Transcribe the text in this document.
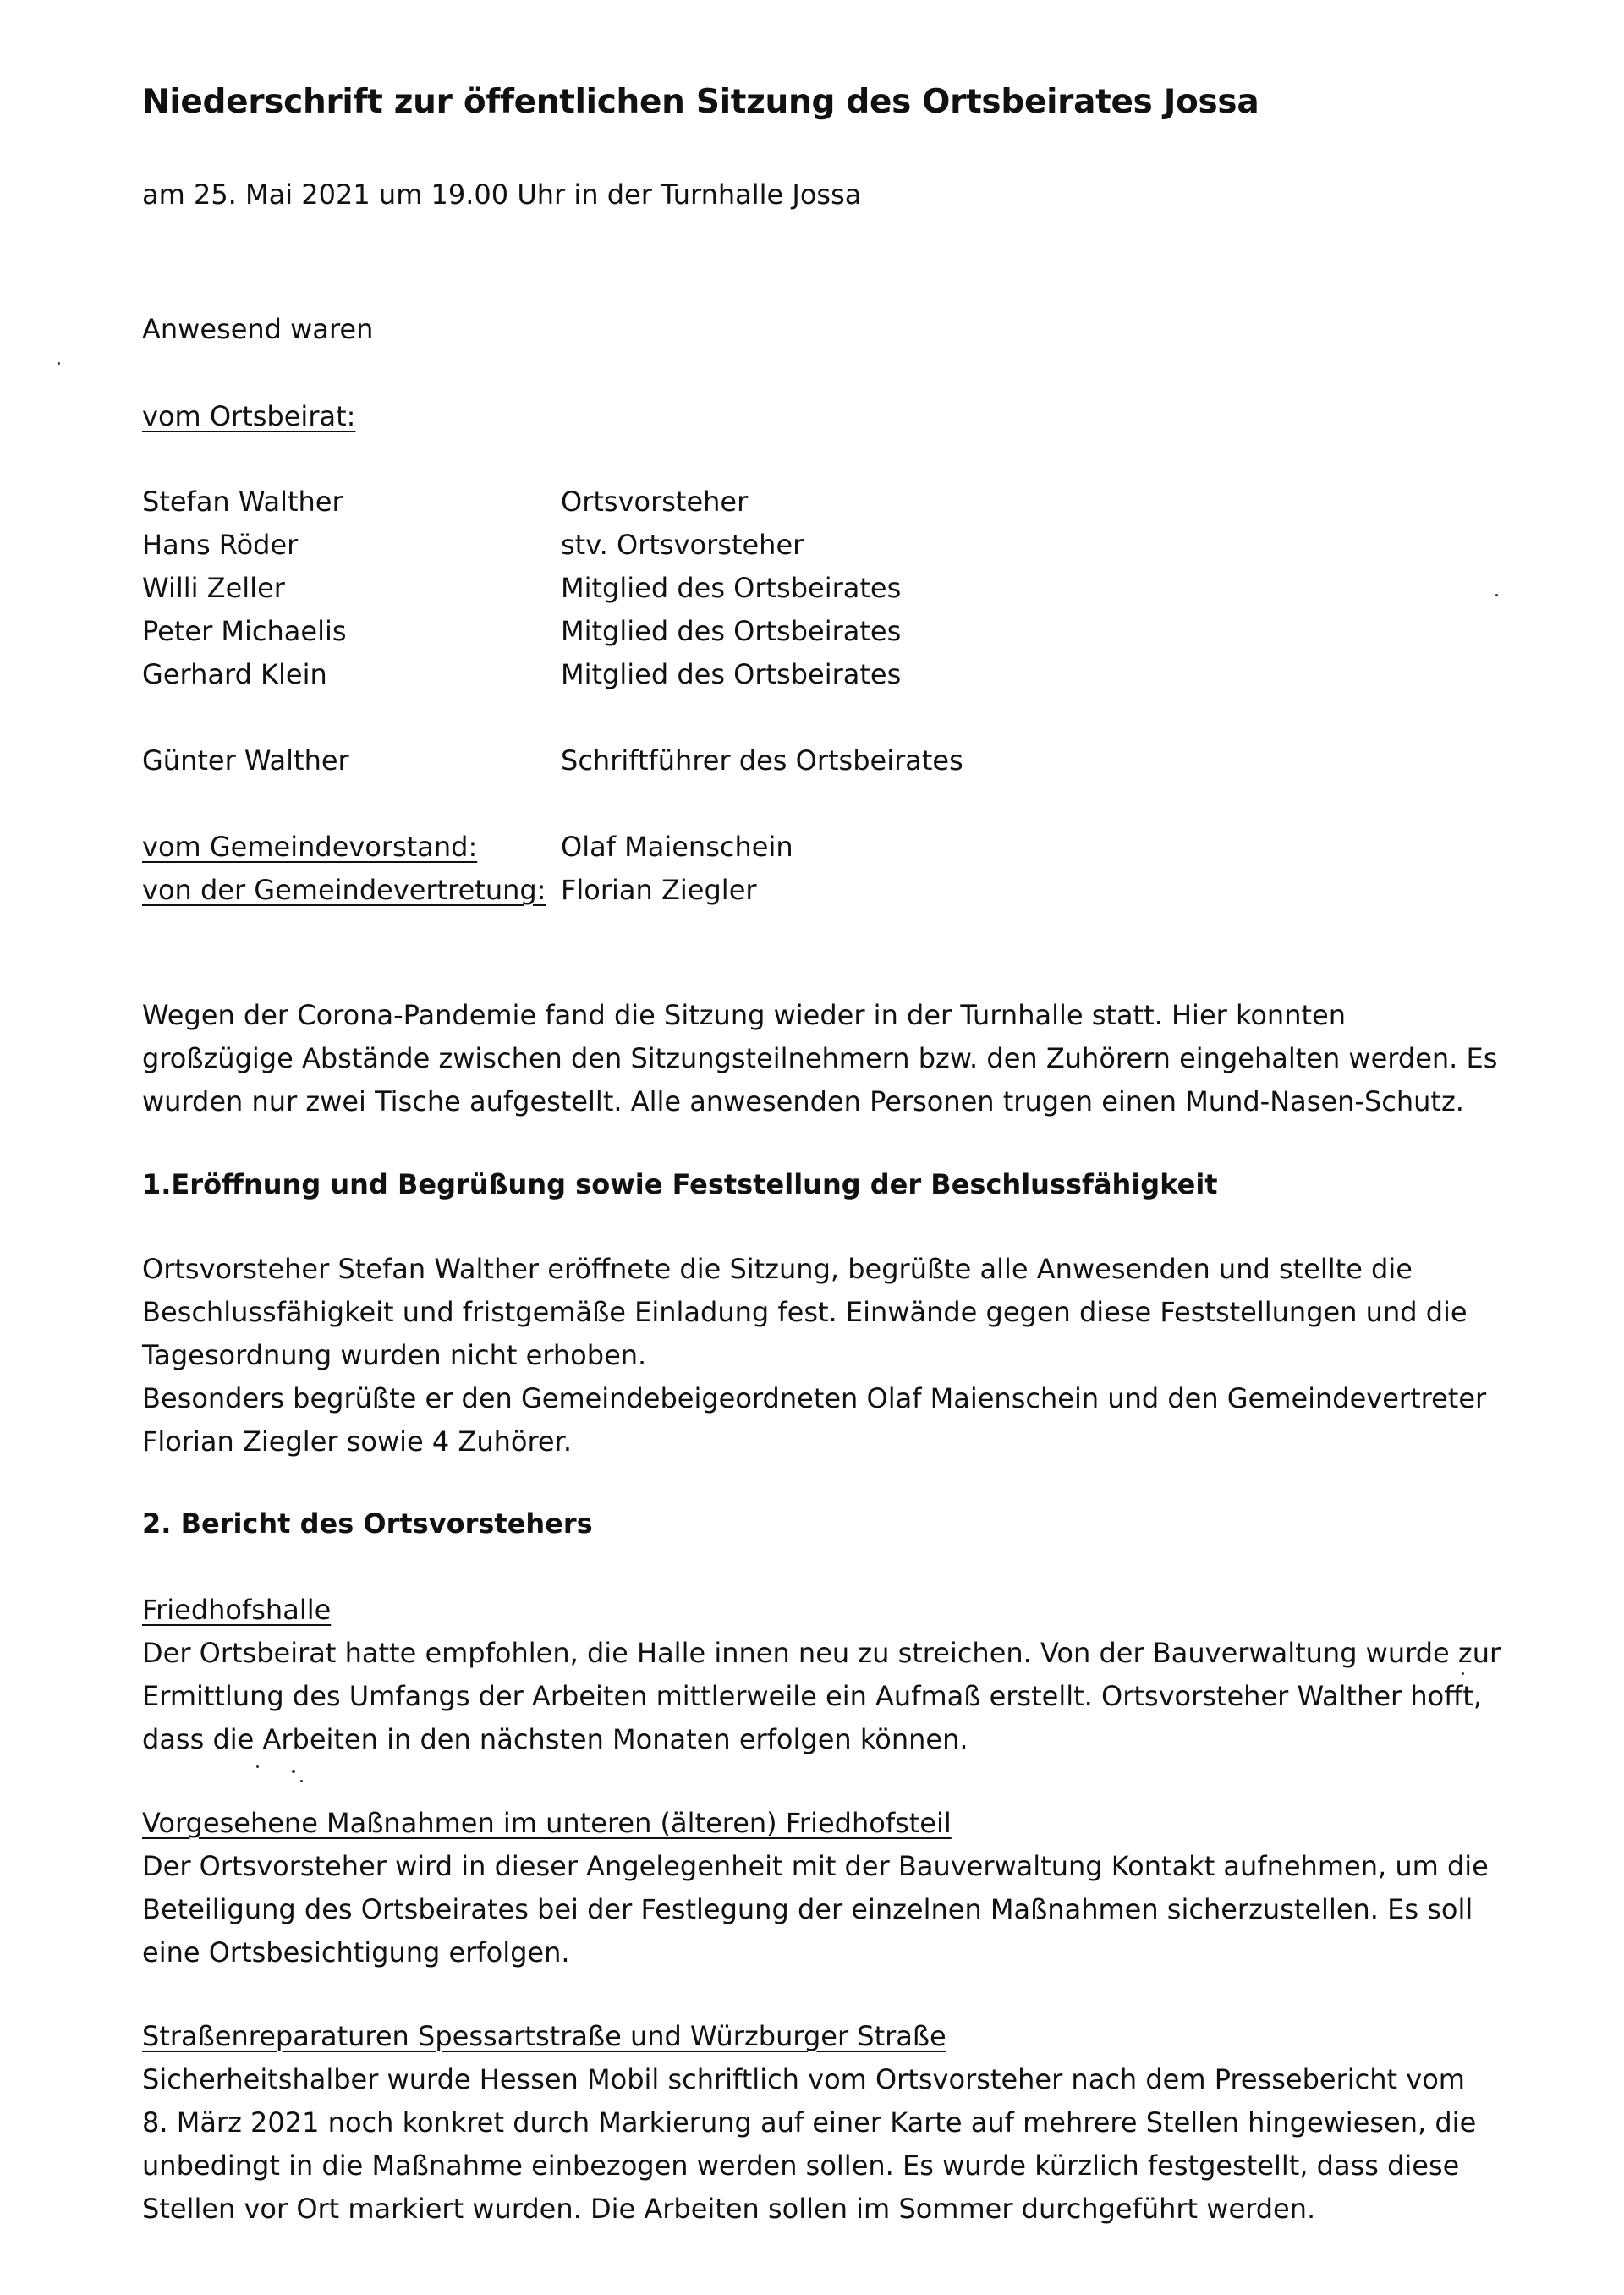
Niederschrift zur öffentlichen Sitzung des Ortsbeirates Jossa
am 25. Mai 2021 um 19.00 Uhr in der Turnhalle Jossa
Anwesend waren
vom Ortsbeirat:
Stefan Walther	Ortsvorsteher
Hans Röder	stv. Ortsvorsteher
Willi Zeller	Mitglied des Ortsbeirates
Peter Michaelis	Mitglied des Ortsbeirates
Gerhard Klein	Mitglied des Ortsbeirates
Günter Walther	Schriftführer des Ortsbeirates
vom Gemeindevorstand:	Olaf Maienschein
von der Gemeindevertretung: Florian Ziegler
Wegen der Corona-Pandemie fand die Sitzung wieder in der Turnhalle statt. Hier konnten
großzügige Abstände zwischen den Sitzungsteilnehmern bzw. den Zuhörern eingehalten werden. Es
wurden nur zwei Tische aufgestellt. Alle anwesenden Personen trugen einen Mund-Nasen-Schutz.
1.Eröffnung und Begrüßung sowie Feststellung der Beschlussfähigkeit
Ortsvorsteher Stefan Walther eröffnete die Sitzung, begrüßte alle Anwesenden und stellte die
Beschlussfähigkeit und fristgemäße Einladung fest. Einwände gegen diese Feststellungen und die
Tagesordnung wurden nicht erhoben.
Besonders begrüßte er den Gemeindebeigeordneten Olaf Maienschein und den Gemeindevertreter
Florian Ziegler sowie 4 Zuhörer.
2. Bericht des Ortsvorstehers
Friedhofshalle
Der Ortsbeirat hatte empfohlen, die Halle innen neu zu streichen. Von der Bauverwaltung wurde zur
Ermittlung des Umfangs der Arbeiten mittlerweile ein Aufmaß erstellt. Ortsvorsteher Walther hofft,
dass die Arbeiten in den nächsten Monaten erfolgen können.
Vorgesehene Maßnahmen im unteren (älteren) Friedhofsteil
Der Ortsvorsteher wird in dieser Angelegenheit mit der Bauverwaltung Kontakt aufnehmen, um die
Beteiligung des Ortsbeirates bei der Festlegung der einzelnen Maßnahmen sicherzustellen. Es soll
eine Ortsbesichtigung erfolgen.
Straßenreparaturen Spessartstraße und Würzburger Straße
Sicherheitshalber wurde Hessen Mobil schriftlich vom Ortsvorsteher nach dem Pressebericht vom
8. März 2021 noch konkret durch Markierung auf einer Karte auf mehrere Stellen hingewiesen, die
unbedingt in die Maßnahme einbezogen werden sollen. Es wurde kürzlich festgestellt, dass diese
Stellen vor Ort markiert wurden. Die Arbeiten sollen im Sommer durchgeführt werden.
